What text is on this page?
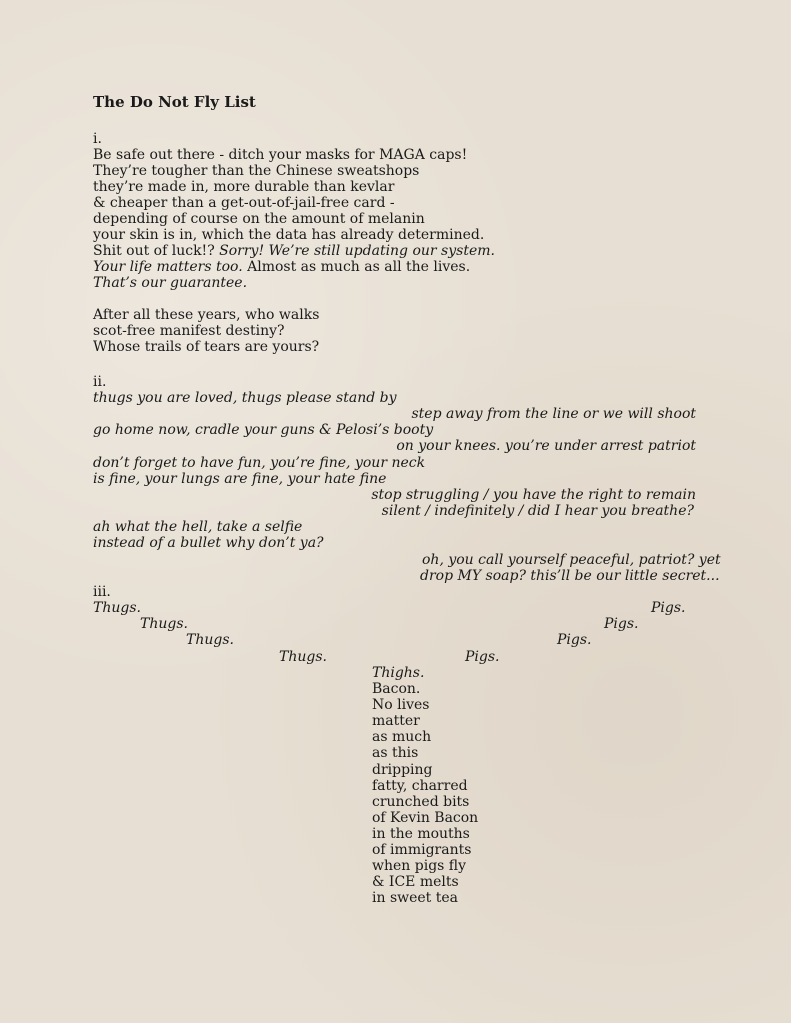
The Do Not Fly List
i.
Be safe out there - ditch your masks for MAGA caps!
They’re tougher than the Chinese sweatshops
they’re made in, more durable than kevlar
& cheaper than a get-out-of-jail-free card -
depending of course on the amount of melanin
your skin is in, which the data has already determined.
Shit out of luck!? Sorry! We’re still updating our system.
Your life matters too. Almost as much as all the lives.
That’s our guarantee.
After all these years, who walks
scot-free manifest destiny?
Whose trails of tears are yours?
ii.
thugs you are loved, thugs please stand by
step away from the line or we will shoot
go home now, cradle your guns & Pelosi’s booty
on your knees. you’re under arrest patriot
don’t forget to have fun, you’re fine, your neck
is fine, your lungs are fine, your hate fine
stop struggling / you have the right to remain
silent / indefinitely / did I hear you breathe?
ah what the hell, take a selfie
instead of a bullet why don’t ya?
oh, you call yourself peaceful, patriot? yet
drop MY soap? this’ll be our little secret...
iii.
Thugs.
Thugs.
Thugs.
Thugs.
Pigs.
Pigs.
Pigs.
Pigs.
Thighs.
Bacon.
No lives
matter
as much
as this
dripping
fatty, charred
crunched bits
of Kevin Bacon
in the mouths
of immigrants
when pigs fly
& ICE melts
in sweet tea
